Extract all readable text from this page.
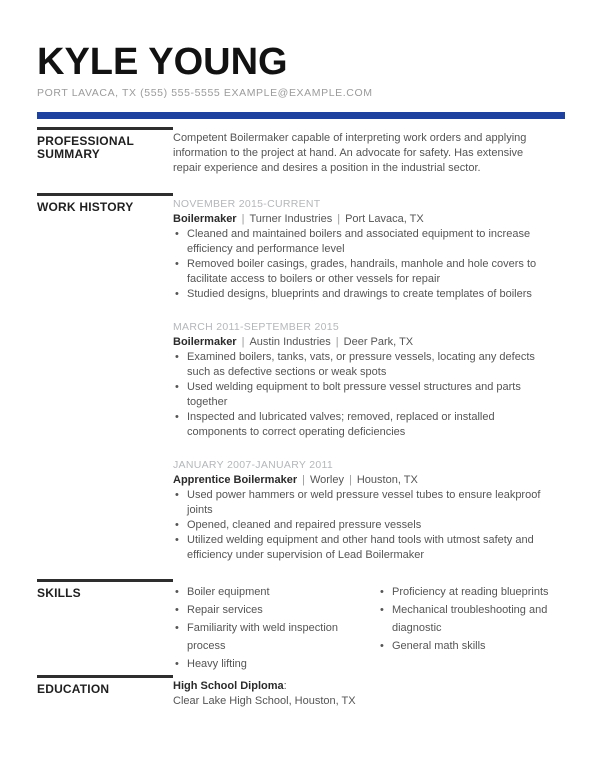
KYLE YOUNG
PORT LAVACA, TX (555) 555-5555 EXAMPLE@EXAMPLE.COM
PROFESSIONAL SUMMARY
Competent Boilermaker capable of interpreting work orders and applying information to the project at hand. An advocate for safety. Has extensive repair experience and desires a position in the industrial sector.
WORK HISTORY	NOVEMBER 2015-CURRENT
Boilermaker | Turner Industries | Port Lavaca, TX
• Cleaned and maintained boilers and associated equipment to increase efficiency and performance level
• Removed boiler casings, grades, handrails, manhole and hole covers to facilitate access to boilers or other vessels for repair
• Studied designs, blueprints and drawings to create templates of boilers
MARCH 2011-SEPTEMBER 2015
Boilermaker | Austin Industries | Deer Park, TX
• Examined boilers, tanks, vats, or pressure vessels, locating any defects such as defective sections or weak spots
• Used welding equipment to bolt pressure vessel structures and parts together
• Inspected and lubricated valves; removed, replaced or installed components to correct operating deficiencies
JANUARY 2007-JANUARY 2011
Apprentice Boilermaker | Worley | Houston, TX
• Used power hammers or weld pressure vessel tubes to ensure leakproof joints
• Opened, cleaned and repaired pressure vessels
• Utilized welding equipment and other hand tools with utmost safety and efficiency under supervision of Lead Boilermaker
SKILLS	• Boiler equipment
• Repair services
• Familiarity with weld inspection process
• Heavy lifting
• Proficiency at reading blueprints
• Mechanical troubleshooting and diagnostic
• General math skills
EDUCATION	High School Diploma:
Clear Lake High School, Houston, TX
